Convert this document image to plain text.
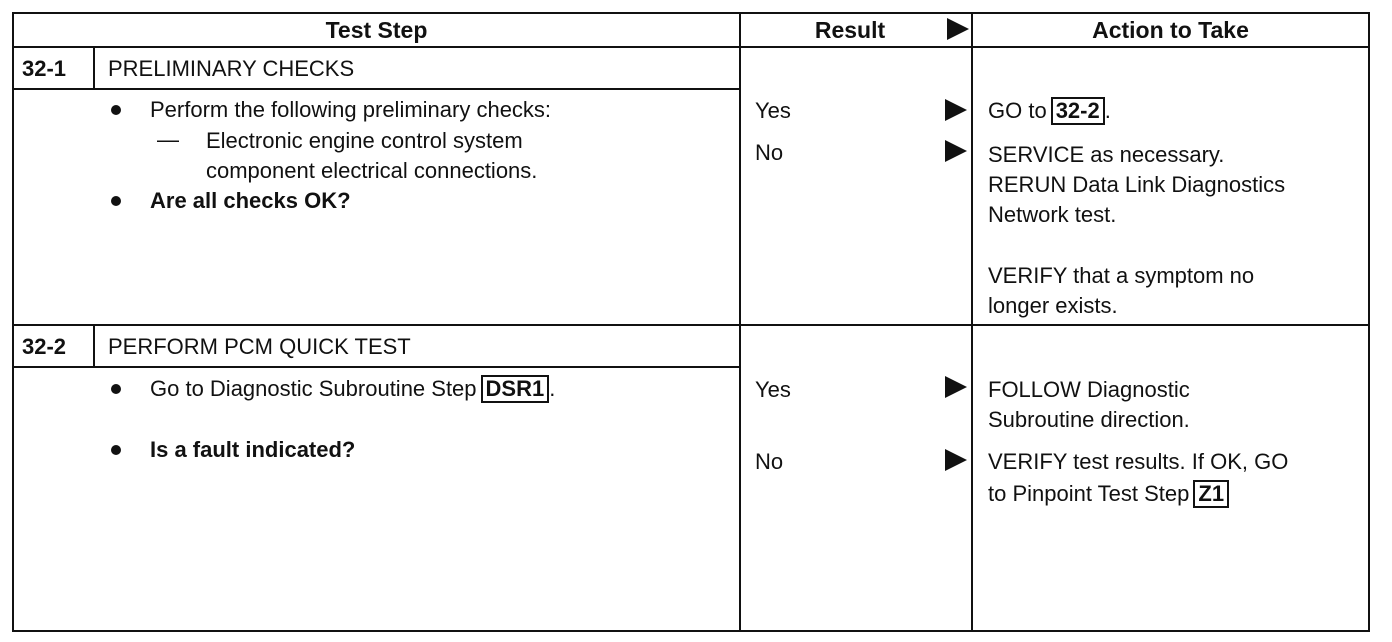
Test Step	Result	Action to Take
32-1 PRELIMINARY CHECKS
Perform the following preliminary checks:
— Electronic engine control system
component electrical connections.
Are all checks OK?
Yes
No
GO to 32-2 .
SERVICE as necessary.
RERUN Data Link Diagnostics
Network test.
VERIFY that a symptom no
longer exists.
32-2 PERFORM PCM QUICK TEST
Go to Diagnostic Subroutine Step DSR1 .
Is a fault indicated?
Yes
No
FOLLOW Diagnostic
Subroutine direction.
VERIFY test results. If OK, GO
to Pinpoint Test Step Z1
